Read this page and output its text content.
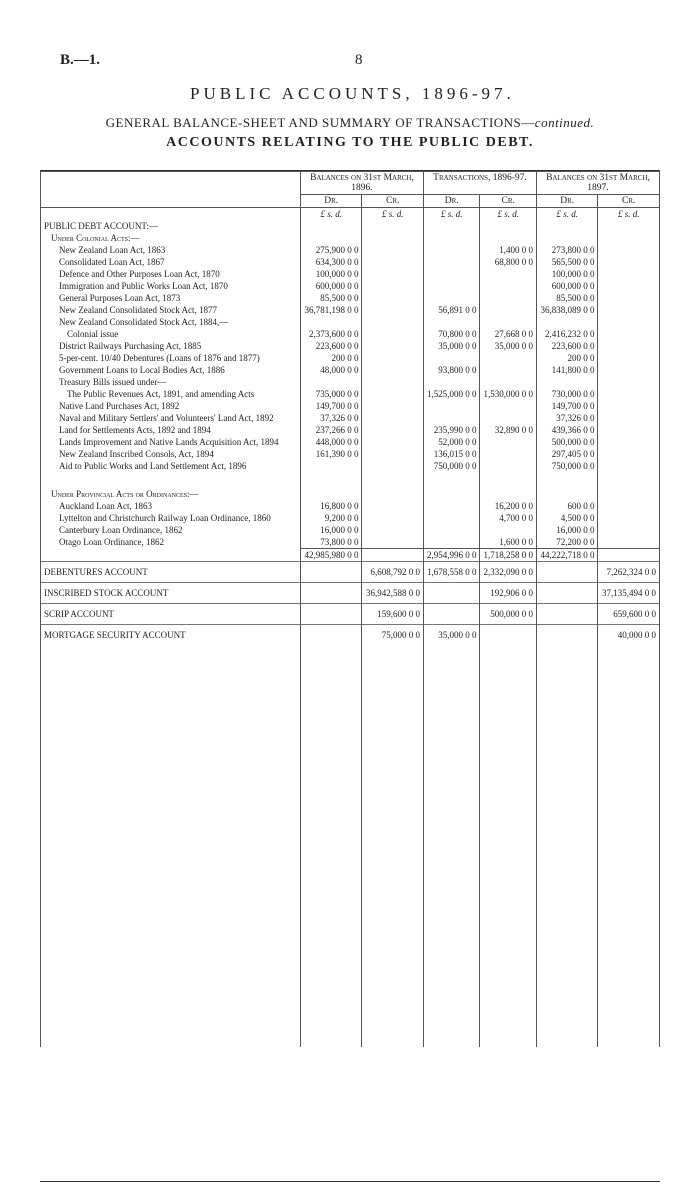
B.—1.	8
PUBLIC ACCOUNTS, 1896-97.
GENERAL BALANCE-SHEET AND SUMMARY OF TRANSACTIONS—continued.
ACCOUNTS RELATING TO THE PUBLIC DEBT.
	Balances on 31st March, 1896.		Transactions, 1896-97.		Balances on 31st March, 1897.	
	Dr.	Cr.	Dr.	Cr.	Dr.	Cr.
	£ s. d.	£ s. d.	£ s. d.	£ s. d.	£ s. d.	£ s. d.
PUBLIC DEBT ACCOUNT:—						
Under Colonial Acts:—						
New Zealand Loan Act, 1863	275,900 0 0			1,400 0 0	273,800 0 0	
Consolidated Loan Act, 1867	634,300 0 0			68,800 0 0	565,500 0 0	
Defence and Other Purposes Loan Act, 1870	100,000 0 0				100,000 0 0	
Immigration and Public Works Loan Act, 1870	600,000 0 0				600,000 0 0	
General Purposes Loan Act, 1873	85,500 0 0				85,500 0 0	
New Zealand Consolidated Stock Act, 1877	36,781,198 0 0		56,891 0 0		36,838,089 0 0	
New Zealand Consolidated Stock Act, 1884,—						
Colonial issue	2,373,600 0 0		70,800 0 0	27,668 0 0	2,416,232 0 0	
District Railways Purchasing Act, 1885	223,600 0 0		35,000 0 0	35,000 0 0	223,600 0 0	
5-per-cent. 10/40 Debentures (Loans of 1876 and 1877)	200 0 0				200 0 0	
Government Loans to Local Bodies Act, 1886	48,000 0 0		93,800 0 0		141,800 0 0	
Treasury Bills issued under—						
The Public Revenues Act, 1891, and amending Acts	735,000 0 0		1,525,000 0 0	1,530,000 0 0	730,000 0 0	
Native Land Purchases Act, 1892	149,700 0 0				149,700 0 0	
Naval and Military Settlers' and Volunteers' Land Act, 1892	37,326 0 0				37,326 0 0	
Land for Settlements Acts, 1892 and 1894	237,266 0 0		235,990 0 0	32,890 0 0	439,366 0 0	
Lands Improvement and Native Lands Acquisition Act, 1894	448,000 0 0		52,000 0 0		500,000 0 0	
New Zealand Inscribed Consols, Act, 1894	161,390 0 0		136,015 0 0		297,405 0 0	
Aid to Public Works and Land Settlement Act, 1896			750,000 0 0		750,000 0 0	

Under Provincial Acts or Ordinances:—						
Auckland Loan Act, 1863	16,800 0 0			16,200 0 0	600 0 0	
Lyttelton and Christchurch Railway Loan Ordinance, 1860	9,200 0 0			4,700 0 0	4,500 0 0	
Canterbury Loan Ordinance, 1862	16,000 0 0				16,000 0 0	
Otago Loan Ordinance, 1862	73,800 0 0			1,600 0 0	72,200 0 0	
	42,985,980 0 0		2,954,996 0 0	1,718,258 0 0	44,222,718 0 0	
DEBENTURES ACCOUNT		6,608,792 0 0	1,678,558 0 0	2,332,090 0 0		7,262,324 0 0
INSCRIBED STOCK ACCOUNT		36,942,588 0 0		192,906 0 0		37,135,494 0 0
SCRIP ACCOUNT		159,600 0 0		500,000 0 0		659,600 0 0
MORTGAGE SECURITY ACCOUNT		75,000 0 0	35,000 0 0			40,000 0 0
